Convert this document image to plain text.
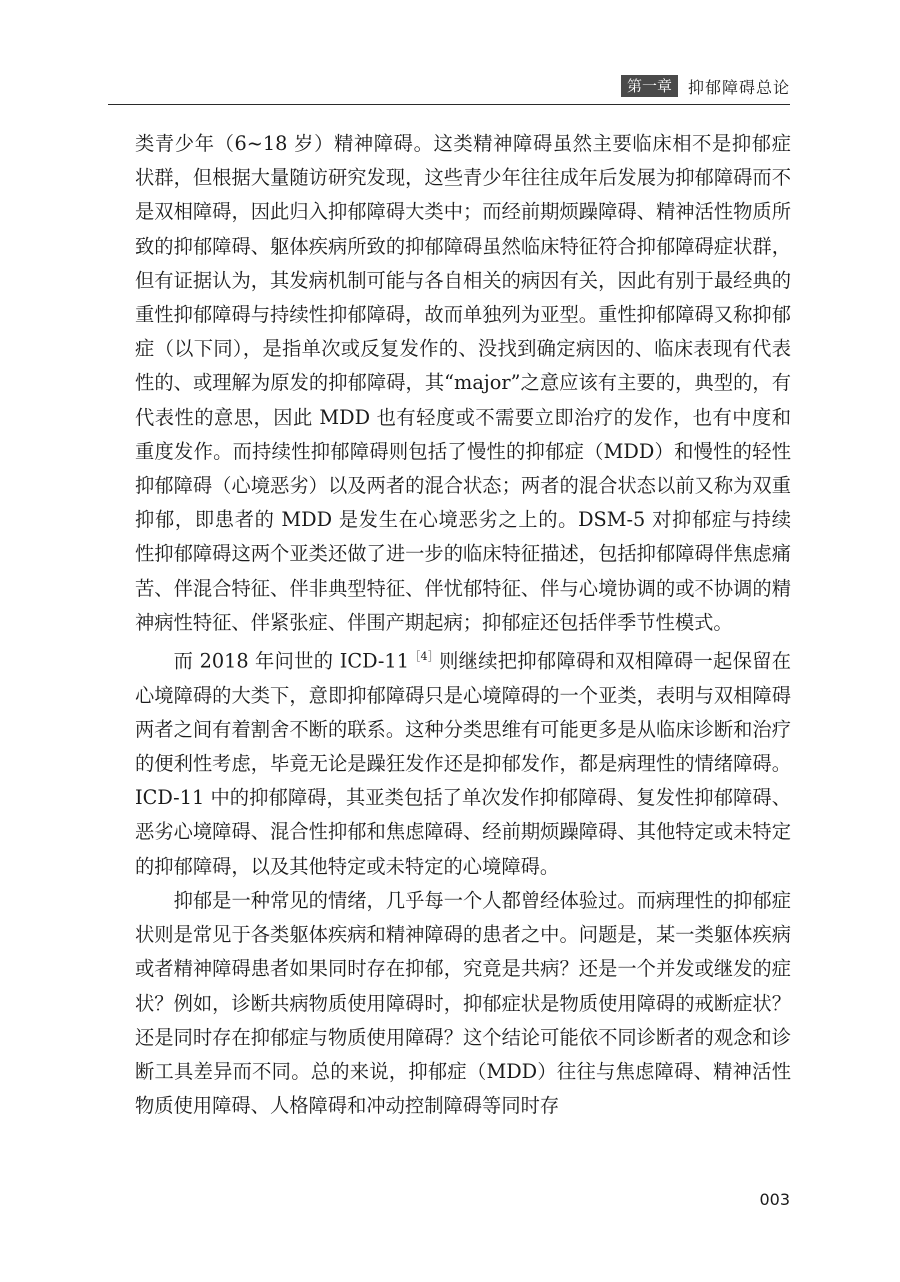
第一章	抑郁障碍总论

类青少年（6~18 岁）精神障碍。这类精神障碍虽然主要临床相不是抑郁症状群，但根据大量随访研究发现，这些青少年往往成年后发展为抑郁障碍而不是双相障碍，因此归入抑郁障碍大类中；而经前期烦躁障碍、精神活性物质所致的抑郁障碍、躯体疾病所致的抑郁障碍虽然临床特征符合抑郁障碍症状群，但有证据认为，其发病机制可能与各自相关的病因有关，因此有别于最经典的重性抑郁障碍与持续性抑郁障碍，故而单独列为亚型。重性抑郁障碍又称抑郁症（以下同），是指单次或反复发作的、没找到确定病因的、临床表现有代表性的、或理解为原发的抑郁障碍，其“major”之意应该有主要的，典型的，有代表性的意思，因此 MDD 也有轻度或不需要立即治疗的发作，也有中度和重度发作。而持续性抑郁障碍则包括了慢性的抑郁症（MDD）和慢性的轻性抑郁障碍（心境恶劣）以及两者的混合状态；两者的混合状态以前又称为双重抑郁，即患者的 MDD 是发生在心境恶劣之上的。DSM-5 对抑郁症与持续性抑郁障碍这两个亚类还做了进一步的临床特征描述，包括抑郁障碍伴焦虑痛苦、伴混合特征、伴非典型特征、伴忧郁特征、伴与心境协调的或不协调的精神病性特征、伴紧张症、伴围产期起病；抑郁症还包括伴季节性模式。

而 2018 年问世的 ICD-$11^{[4]}$则继续把抑郁障碍和双相障碍一起保留在心境障碍的大类下，意即抑郁障碍只是心境障碍的一个亚类，表明与双相障碍两者之间有着割舍不断的联系。这种分类思维有可能更多是从临床诊断和治疗的便利性考虑，毕竟无论是躁狂发作还是抑郁发作，都是病理性的情绪障碍。ICD-11 中的抑郁障碍，其亚类包括了单次发作抑郁障碍、复发性抑郁障碍、恶劣心境障碍、混合性抑郁和焦虑障碍、经前期烦躁障碍、其他特定或未特定的抑郁障碍，以及其他特定或未特定的心境障碍。

抑郁是一种常见的情绪，几乎每一个人都曾经体验过。而病理性的抑郁症状则是常见于各类躯体疾病和精神障碍的患者之中。问题是，某一类躯体疾病或者精神障碍患者如果同时存在抑郁，究竟是共病？还是一个并发或继发的症状？例如，诊断共病物质使用障碍时，抑郁症状是物质使用障碍的戒断症状？还是同时存在抑郁症与物质使用障碍？这个结论可能依不同诊断者的观念和诊断工具差异而不同。总的来说，抑郁症（MDD）往往与焦虑障碍、精神活性物质使用障碍、人格障碍和冲动控制障碍等同时存

003
